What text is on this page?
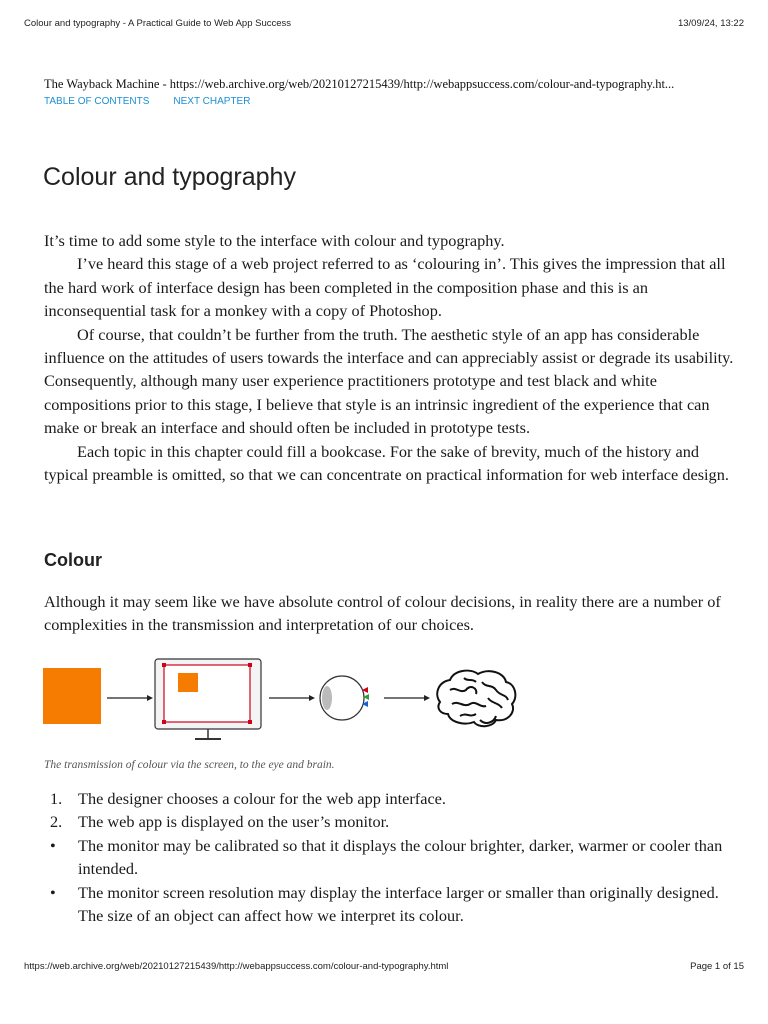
Colour and typography - A Practical Guide to Web App Success	13/09/24, 13:22
The Wayback Machine - https://web.archive.org/web/20210127215439/http://webappsuccess.com/colour-and-typography.ht...
TABLE OF CONTENTS NEXT CHAPTER
Colour and typography

It’s time to add some style to the interface with colour and typography.

I’ve heard this stage of a web project referred to as ‘colouring in’. This gives the impression that all the hard work of interface design has been completed in the composition phase and this is an inconsequential task for a monkey with a copy of Photoshop.

Of course, that couldn’t be further from the truth. The aesthetic style of an app has considerable influence on the attitudes of users towards the interface and can appreciably assist or degrade its usability. Consequently, although many user experience practitioners prototype and test black and white compositions prior to this stage, I believe that style is an intrinsic ingredient of the experience that can make or break an interface and should often be included in prototype tests.

Each topic in this chapter could fill a bookcase. For the sake of brevity, much of the history and typical preamble is omitted, so that we can concentrate on practical information for web interface design.

Colour

Although it may seem like we have absolute control of colour decisions, in reality there are a number of complexities in the transmission and interpretation of our choices.

The transmission of colour via the screen, to the eye and brain.

1. The designer chooses a colour for the web app interface.
2. The web app is displayed on the user’s monitor.
•	The monitor may be calibrated so that it displays the colour brighter, darker, warmer or cooler than intended.
•	The monitor screen resolution may display the interface larger or smaller than originally designed. The size of an object can affect how we interpret its colour.
https://web.archive.org/web/20210127215439/http://webappsuccess.com/colour-and-typography.html	Page 1 of 15
